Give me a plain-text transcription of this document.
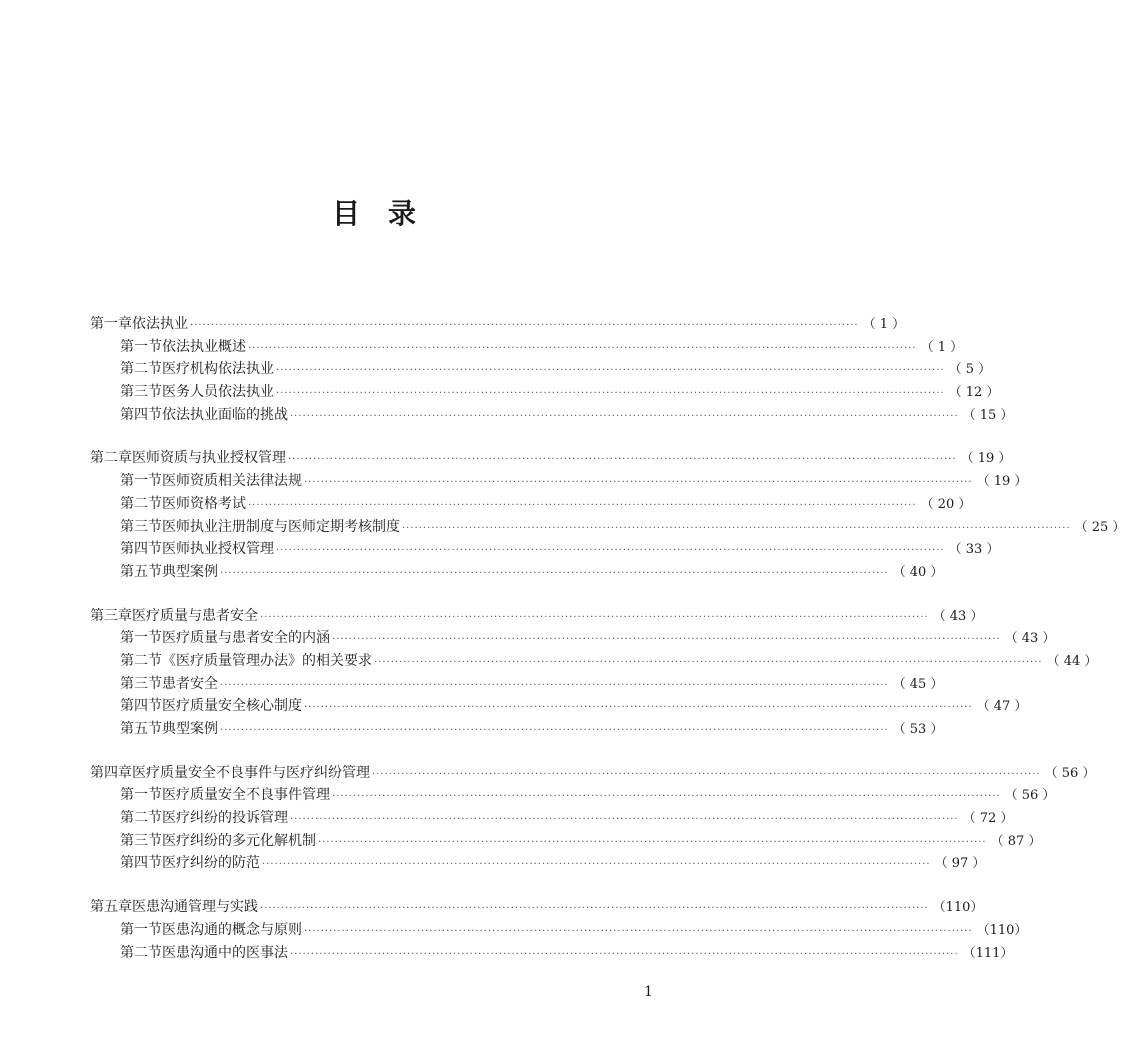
目 录
第一章 依法执业 ································································································································································ （ 1 ）
第一节 依法执业概述 ································································································································································ （ 1 ）
第二节 医疗机构依法执业 ································································································································································ （ 5 ）
第三节 医务人员依法执业 ································································································································································ （ 12 ）
第四节 依法执业面临的挑战 ································································································································································ （ 15 ）
第二章 医师资质与执业授权管理 ································································································································································ （ 19 ）
第一节 医师资质相关法律法规 ································································································································································ （ 19 ）
第二节 医师资格考试 ································································································································································ （ 20 ）
第三节 医师执业注册制度与医师定期考核制度 ································································································································································ （ 25 ）
第四节 医师执业授权管理 ································································································································································ （ 33 ）
第五节 典型案例 ································································································································································ （ 40 ）
第三章 医疗质量与患者安全 ································································································································································ （ 43 ）
第一节 医疗质量与患者安全的内涵 ································································································································································ （ 43 ）
第二节 《医疗质量管理办法》的相关要求 ································································································································································ （ 44 ）
第三节 患者安全 ································································································································································ （ 45 ）
第四节 医疗质量安全核心制度 ································································································································································ （ 47 ）
第五节 典型案例 ································································································································································ （ 53 ）
第四章 医疗质量安全不良事件与医疗纠纷管理 ································································································································································ （ 56 ）
第一节 医疗质量安全不良事件管理 ································································································································································ （ 56 ）
第二节 医疗纠纷的投诉管理 ································································································································································ （ 72 ）
第三节 医疗纠纷的多元化解机制 ································································································································································ （ 87 ）
第四节 医疗纠纷的防范 ································································································································································ （ 97 ）
第五章 医患沟通管理与实践 ································································································································································ （110）
第一节 医患沟通的概念与原则 ································································································································································ （110）
第二节 医患沟通中的医事法 ································································································································································ （111）
1
